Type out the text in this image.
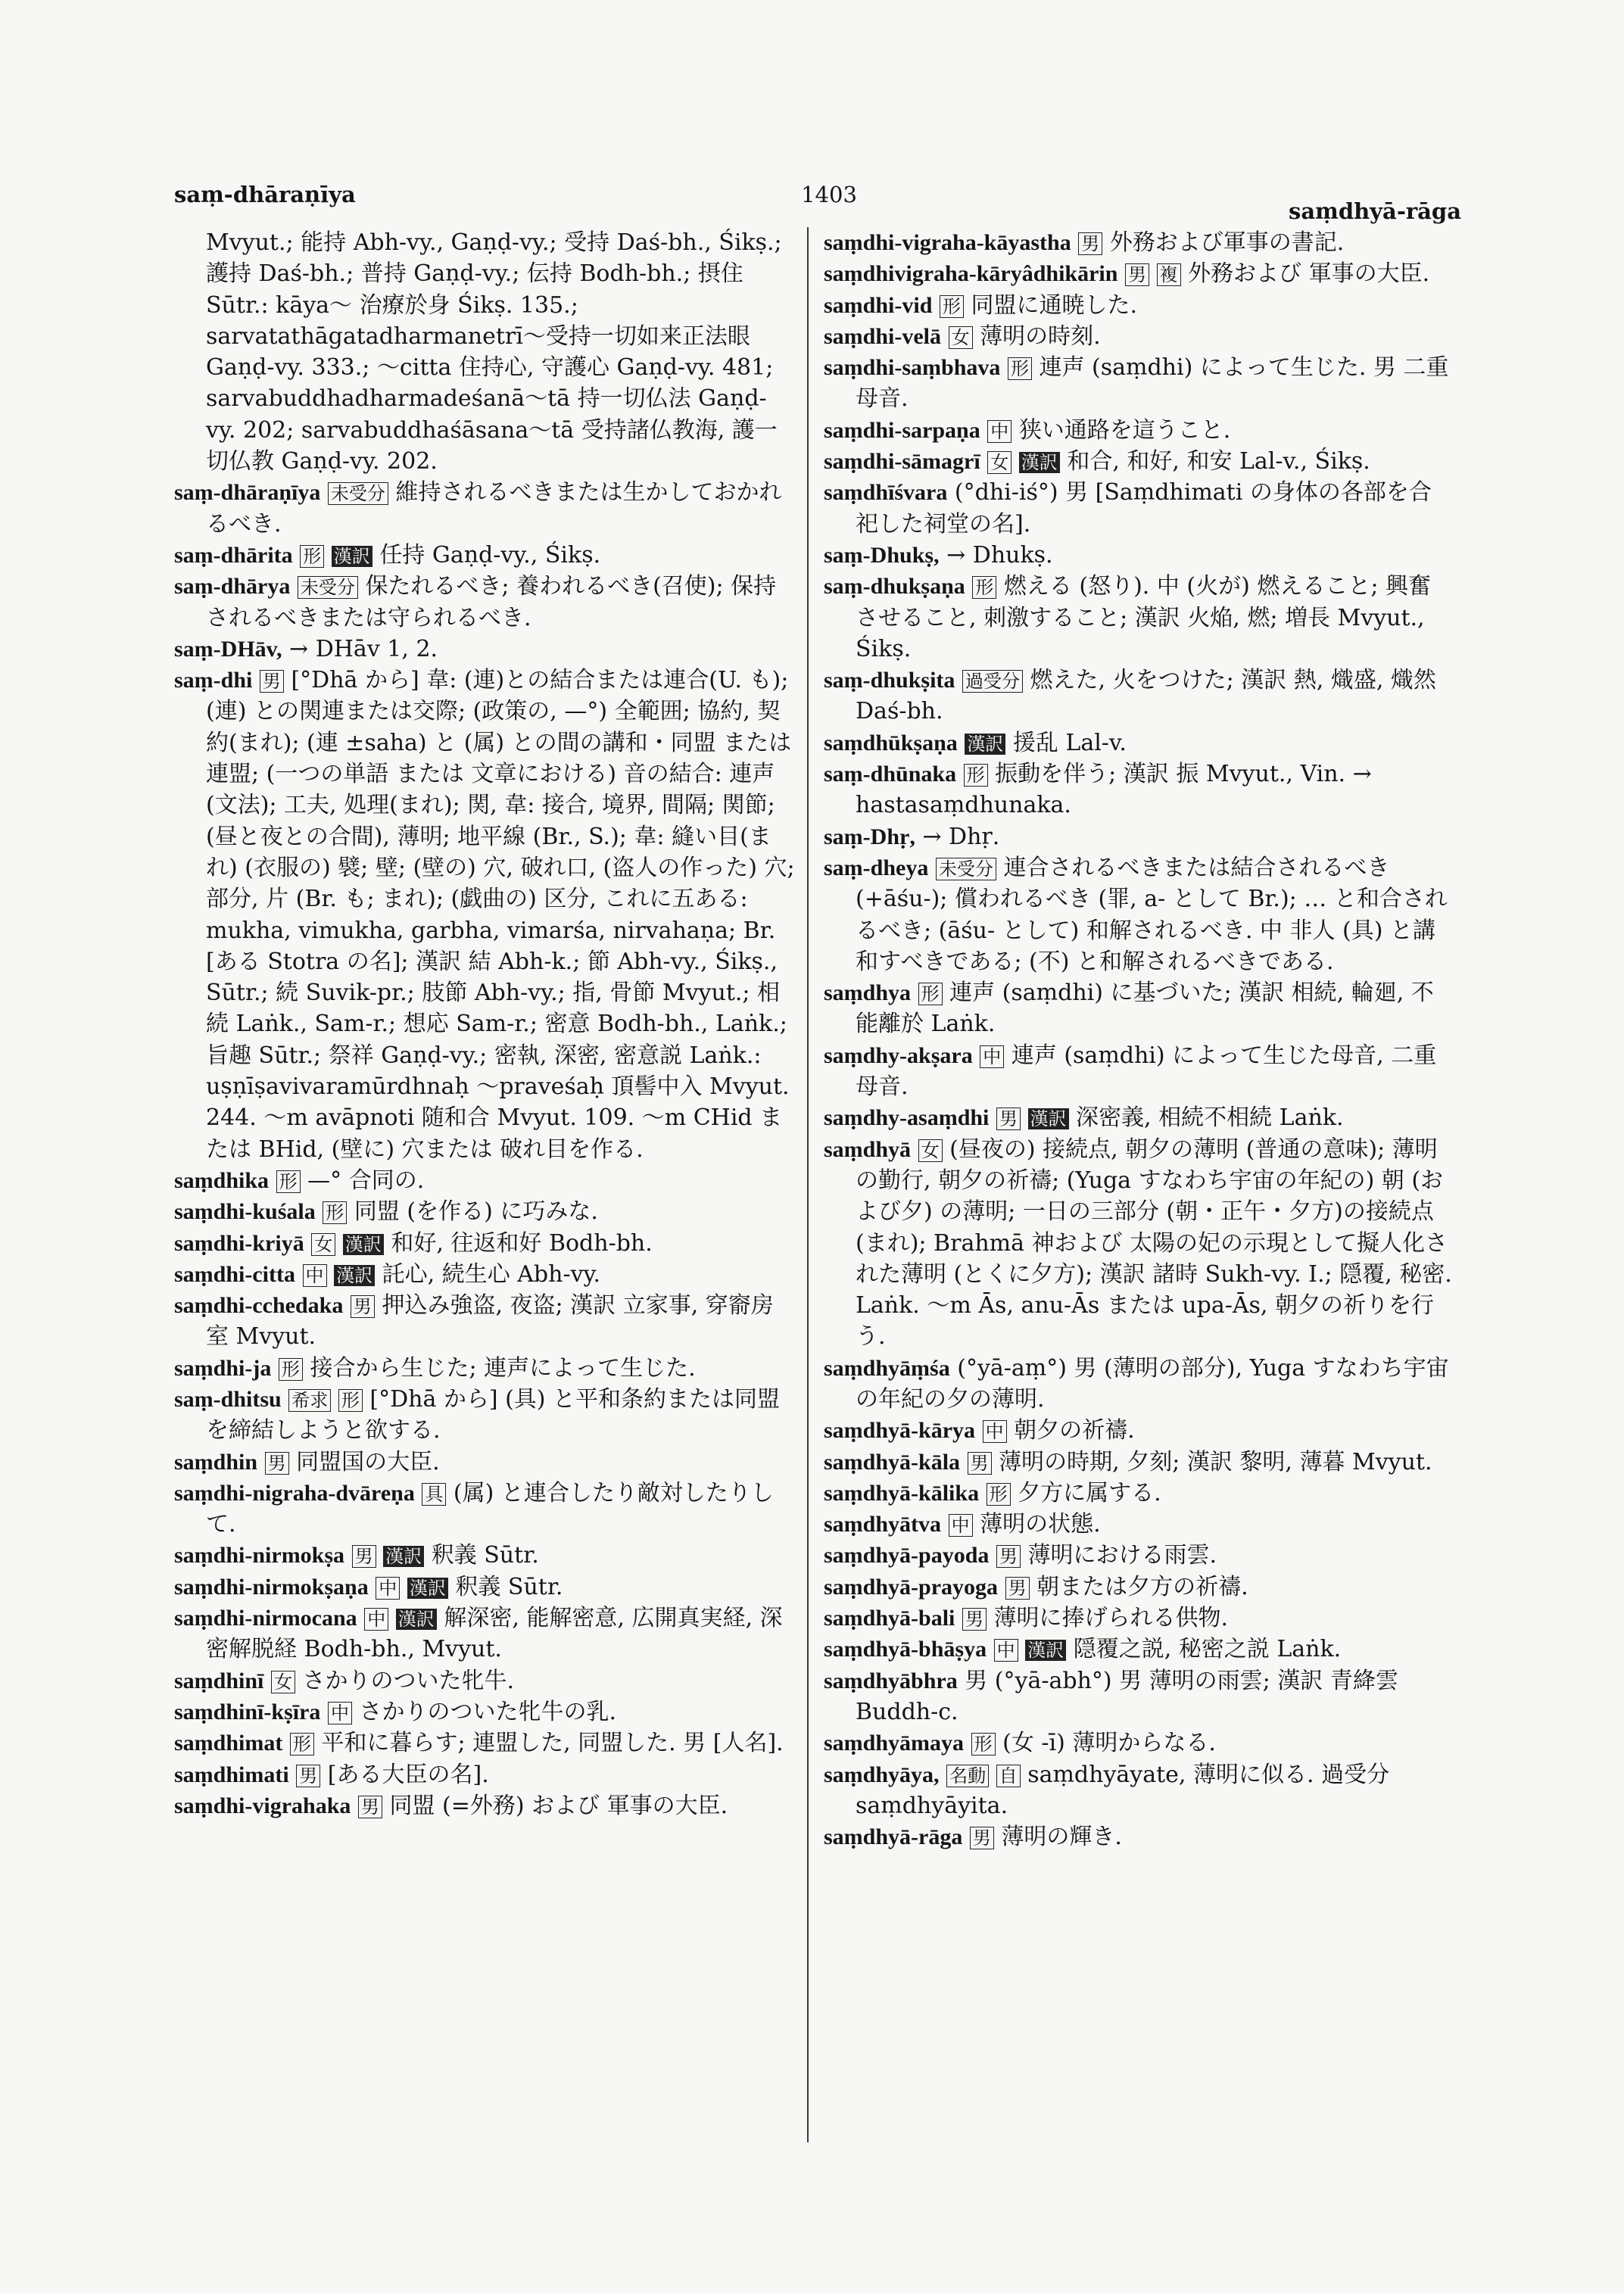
saṃ-dhāraṇīya	1403
saṃdhyā-rāga

Mvyut.; 能持 Abh-vy., Gaṇḍ-vy.; 受持 Daś-bh., Śikṣ.; 護持 Daś-bh.; 普持 Gaṇḍ-vy.; 伝持 Bodh-bh.; 摂住 Sūtr.: kāya～ 治療於身 Śikṣ. 135.; sarvatathāgatadharmanetrī～受持一切如来正法眼 Gaṇḍ-vy. 333.; ～citta 住持心, 守護心 Gaṇḍ-vy. 481; sarvabuddhadharmadeśanā～tā 持一切仏法 Gaṇḍ-vy. 202; sarvabuddhaśāsana～tā 受持諸仏教海, 護一切仏教 Gaṇḍ-vy. 202.

saṃ-dhāraṇīya 未受分 維持されるべきまたは生かしておかれるべき.

saṃ-dhārita 形 漢訳 任持 Gaṇḍ-vy., Śikṣ.

saṃ-dhārya 未受分 保たれるべき; 養われるべき(召使); 保持されるべきまたは守られるべき.

saṃ-DHāv, → DHāv 1, 2.

saṃ-dhi 男 [°Dhā から] 韋: (連)との結合または連合(U. も); (連) との関連または交際; (政策の, —°) 全範囲; 協約, 契約(まれ); (連 ±saha) と (属) との間の講和・同盟 または 連盟; (一つの単語 または 文章における) 音の結合: 連声 (文法); 工夫, 処理(まれ); 関, 韋: 接合, 境界, 間隔; 関節; (昼と夜との合間), 薄明; 地平線 (Br., S.); 韋: 縫い目(まれ) (衣服の) 襞; 壁; (壁の) 穴, 破れ口, (盗人の作った) 穴; 部分, 片 (Br. も; まれ); (戯曲の) 区分, これに五ある: mukha, vimukha, garbha, vimarśa, nirvahaṇa; Br. [ある Stotra の名]; 漢訳 結 Abh-k.; 節 Abh-vy., Śikṣ., Sūtr.; 続 Suvik-pr.; 肢節 Abh-vy.; 指, 骨節 Mvyut.; 相続 Laṅk., Sam-r.; 想応 Sam-r.; 密意 Bodh-bh., Laṅk.; 旨趣 Sūtr.; 祭祥 Gaṇḍ-vy.; 密執, 深密, 密意説 Laṅk.: uṣṇīṣavivaramūrdhnaḥ ～praveśaḥ 頂髻中入 Mvyut. 244. ～m avāpnoti 随和合 Mvyut. 109. ～m CHid または BHid, (壁に) 穴または 破れ目を作る.

saṃdhika 形 —° 合同の.

saṃdhi-kuśala 形 同盟 (を作る) に巧みな.

saṃdhi-kriyā 女 漢訳 和好, 往返和好 Bodh-bh.

saṃdhi-citta 中 漢訳 託心, 続生心 Abh-vy.

saṃdhi-cchedaka 男 押込み強盗, 夜盗; 漢訳 立家事, 穿窬房室 Mvyut.

saṃdhi-ja 形 接合から生じた; 連声によって生じた.

saṃ-dhitsu 希求 形 [°Dhā から] (具) と平和条約または同盟を締結しようと欲する.

saṃdhin 男 同盟国の大臣.

saṃdhi-nigraha-dvāreṇa 具 (属) と連合したり敵対したりして.

saṃdhi-nirmokṣa 男 漢訳 釈義 Sūtr.

saṃdhi-nirmokṣaṇa 中 漢訳 釈義 Sūtr.

saṃdhi-nirmocana 中 漢訳 解深密, 能解密意, 広開真実経, 深密解脱経 Bodh-bh., Mvyut.

saṃdhinī 女 さかりのついた牝牛.

saṃdhinī-kṣīra 中 さかりのついた牝牛の乳.

saṃdhimat 形 平和に暮らす; 連盟した, 同盟した. 男 [人名].

saṃdhimati 男 [ある大臣の名].

saṃdhi-vigrahaka 男 同盟 (=外務) および 軍事の大臣.

saṃdhi-vigraha-kāyastha 男 外務および軍事の書記.

saṃdhivigraha-kāryâdhikārin 男 複 外務および 軍事の大臣.

saṃdhi-vid 形 同盟に通暁した.

saṃdhi-velā 女 薄明の時刻.

saṃdhi-saṃbhava 形 連声 (saṃdhi) によって生じた. 男 二重母音.

saṃdhi-sarpaṇa 中 狭い通路を這うこと.

saṃdhi-sāmagrī 女 漢訳 和合, 和好, 和安 Lal-v., Śikṣ.

saṃdhīśvara (°dhi-iś°) 男 [Saṃdhimati の身体の各部を合祀した祠堂の名].

saṃ-Dhukṣ, → Dhukṣ.

saṃ-dhukṣaṇa 形 燃える (怒り). 中 (火が) 燃えること; 興奮させること, 刺激すること; 漢訳 火焔, 燃; 増長 Mvyut., Śikṣ.

saṃ-dhukṣita 過受分 燃えた, 火をつけた; 漢訳 熱, 熾盛, 熾然 Daś-bh.

saṃdhūkṣaṇa 漢訳 援乱 Lal-v.

saṃ-dhūnaka 形 振動を伴う; 漢訳 振 Mvyut., Vin. → hastasaṃdhunaka.

saṃ-Dhṛ, → Dhṛ.

saṃ-dheya 未受分 連合されるべきまたは結合されるべき (+āśu-); 償われるべき (罪, a- として Br.); … と和合されるべき; (āśu- として) 和解されるべき. 中 非人 (具) と講和すべきである; (不) と和解されるべきである.

saṃdhya 形 連声 (saṃdhi) に基づいた; 漢訳 相続, 輪廻, 不能離於 Laṅk.

saṃdhy-akṣara 中 連声 (saṃdhi) によって生じた母音, 二重母音.

saṃdhy-asaṃdhi 男 漢訳 深密義, 相続不相続 Laṅk.

saṃdhyā 女 (昼夜の) 接続点, 朝夕の薄明 (普通の意味); 薄明の勤行, 朝夕の祈禱; (Yuga すなわち宇宙の年紀の) 朝 (および夕) の薄明; 一日の三部分 (朝・正午・夕方)の接続点(まれ); Brahmā 神および 太陽の妃の示現として擬人化された薄明 (とくに夕方); 漢訳 諸時 Sukh-vy. I.; 隠覆, 秘密. Laṅk. ～m Ās, anu-Ās または upa-Ās, 朝夕の祈りを行う.

saṃdhyāṃśa (°yā-aṃ°) 男 (薄明の部分), Yuga すなわち宇宙の年紀の夕の薄明.

saṃdhyā-kārya 中 朝夕の祈禱.

saṃdhyā-kāla 男 薄明の時期, 夕刻; 漢訳 黎明, 薄暮 Mvyut.

saṃdhyā-kālika 形 夕方に属する.

saṃdhyātva 中 薄明の状態.

saṃdhyā-payoda 男 薄明における雨雲.

saṃdhyā-prayoga 男 朝または夕方の祈禱.

saṃdhyā-bali 男 薄明に捧げられる供物.

saṃdhyā-bhāṣya 中 漢訳 隠覆之説, 秘密之説 Laṅk.

saṃdhyābhra 男 (°yā-abh°) 男 薄明の雨雲; 漢訳 青絳雲 Buddh-c.

saṃdhyāmaya 形 (女 -ī) 薄明からなる.

saṃdhyāya, 名動 自 saṃdhyāyate, 薄明に似る. 過受分 saṃdhyāyita.

saṃdhyā-rāga 男 薄明の輝き.
